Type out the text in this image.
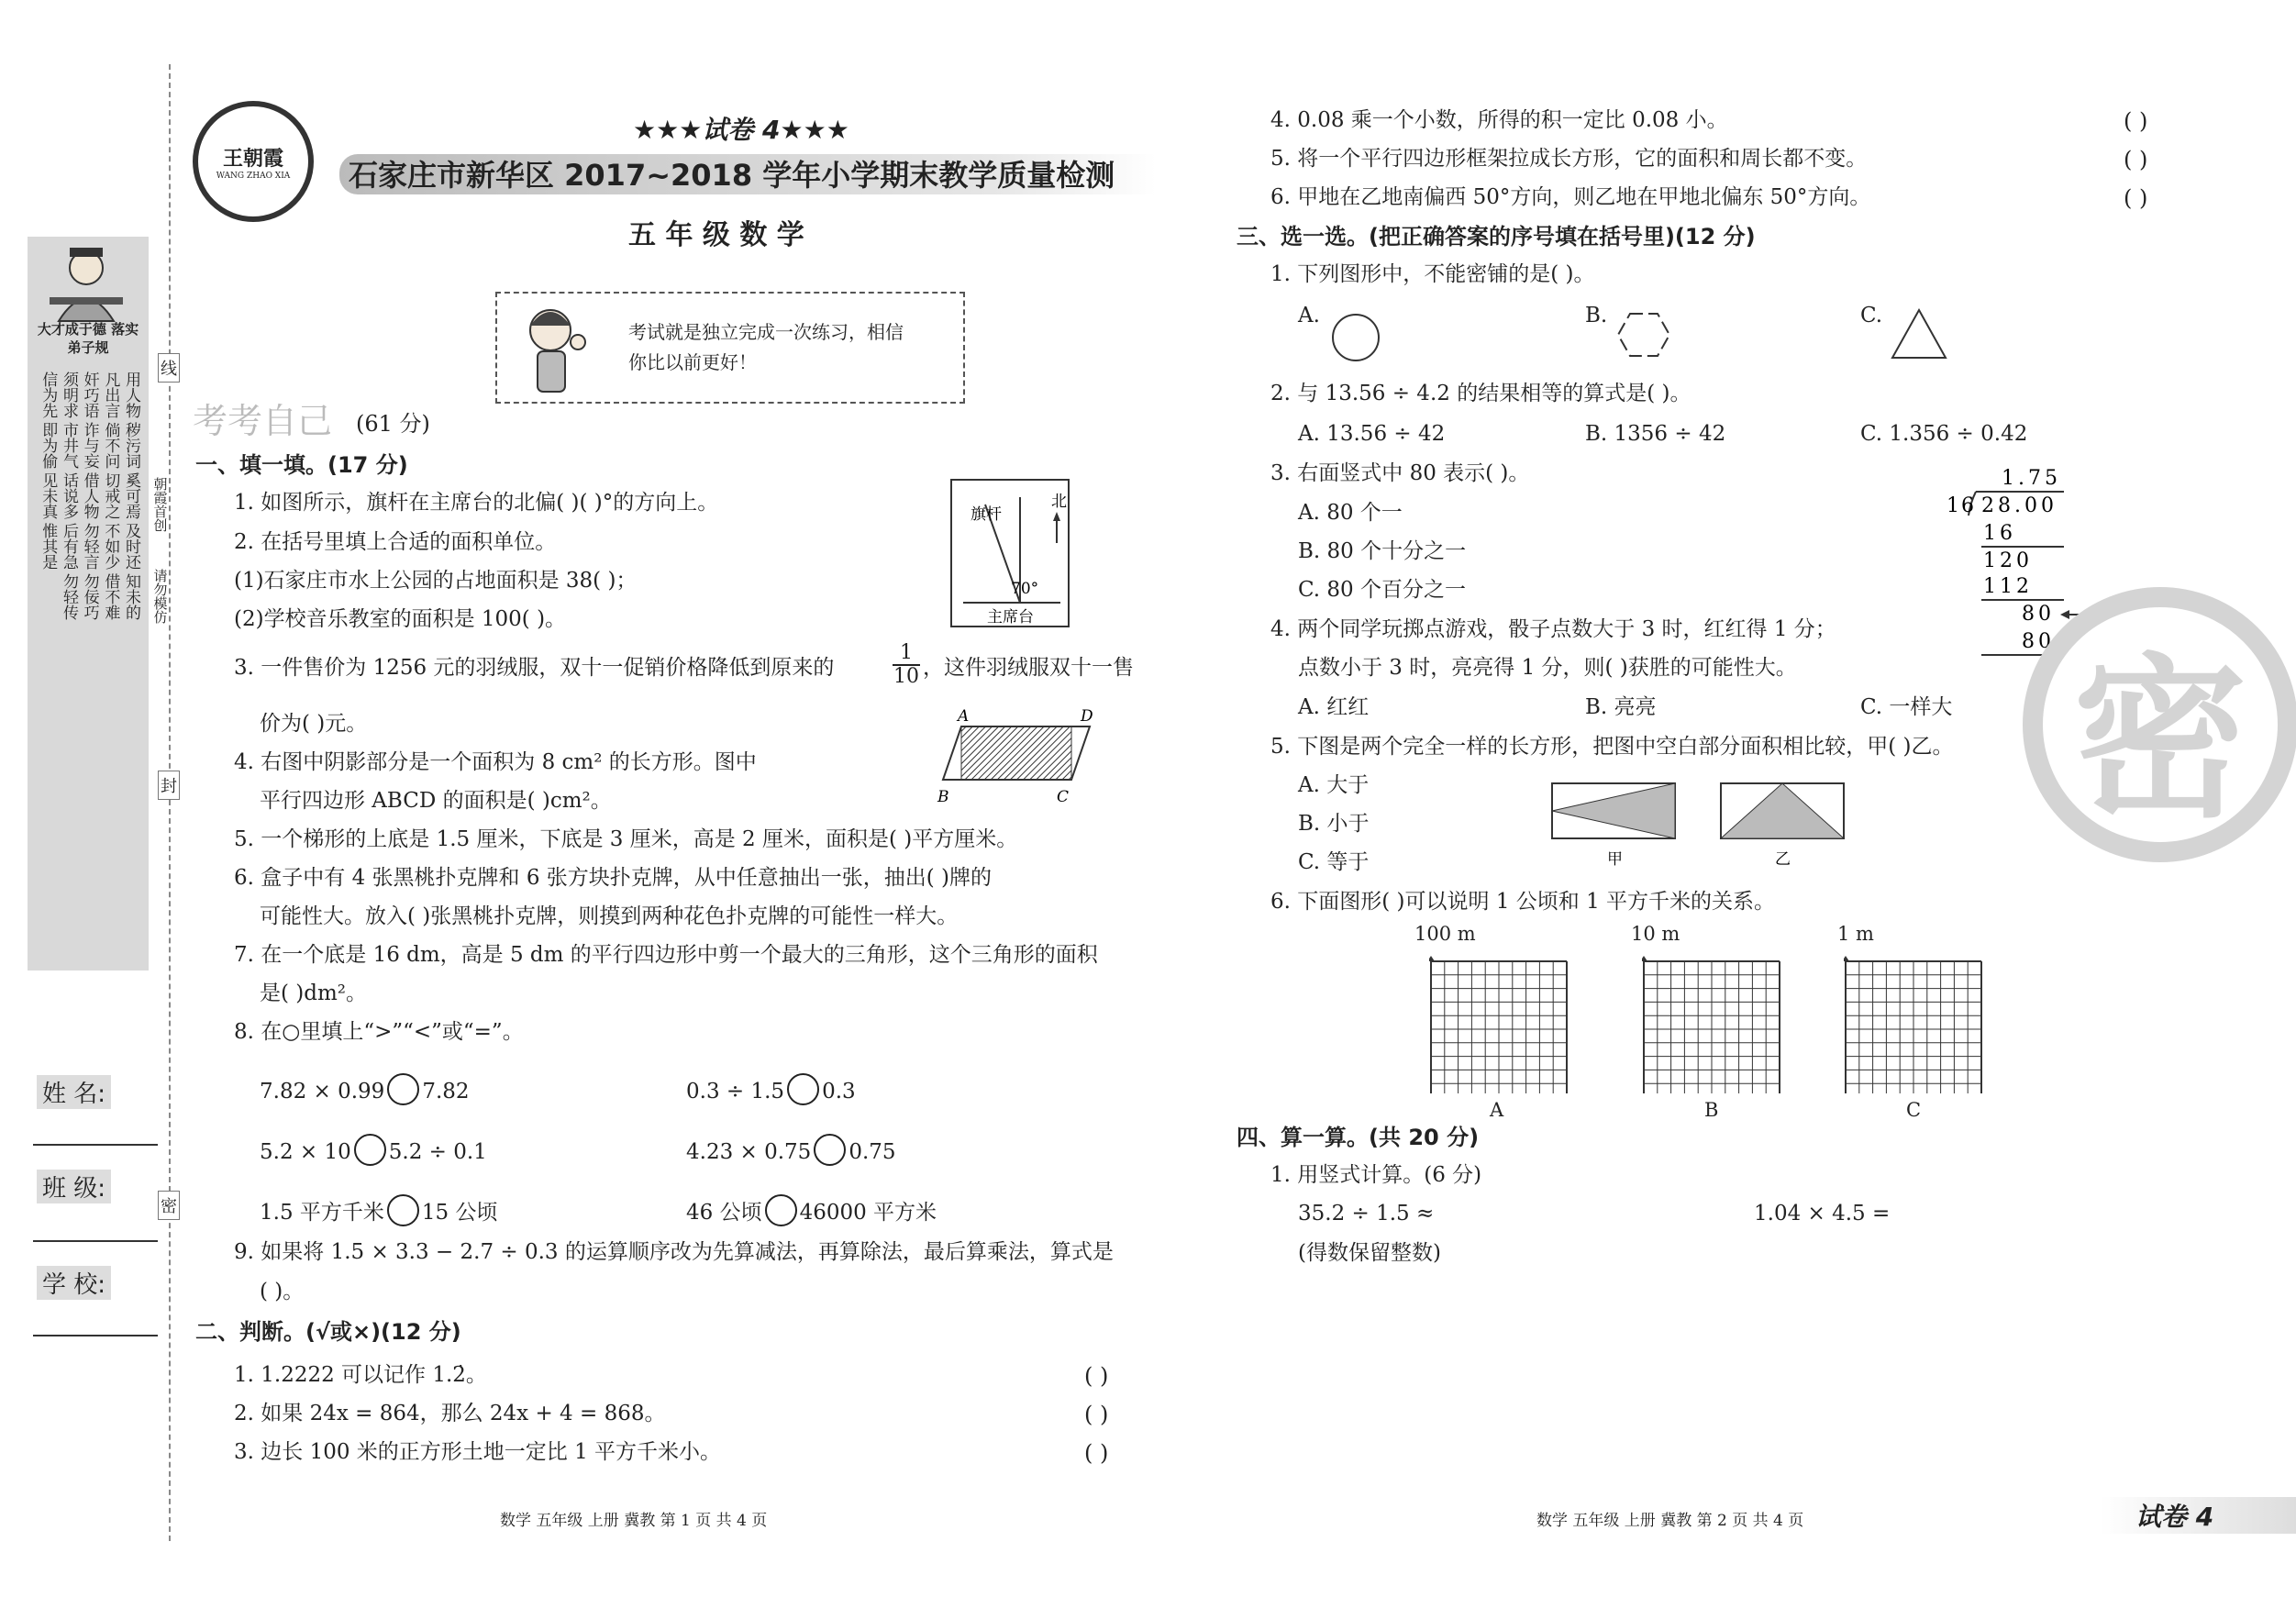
大才成于德 落实弟子规
用人物
凡出言
奸巧语
须明求
信为先
秽污词
倘不问
诈与妄
市井气
即为偷
奚可焉
切戒之
借人物
话说多
见未真
及时还
不如少
勿轻言
后有急
惟其是
知未的
借不难
勿佞巧
勿轻传
线
封
密
朝霞首创
请勿模仿
姓 名:
班 级:
学 校:
王朝霞
WANG ZHAO XIA
★★★试卷 4★★★
石家庄市新华区 2017~2018 学年小学期末教学质量检测
五 年 级 数 学
考试就是独立完成一次练习，相信
你比以前更好！
考考自己 (61 分)
一、填一填。(17 分)
1. 如图所示，旗杆在主席台的北偏( )( )°的方向上。
2. 在括号里填上合适的面积单位。
(1)石家庄市水上公园的占地面积是 38( )；
(2)学校音乐教室的面积是 100( )。
3. 一件售价为 1256 元的羽绒服，双十一促销价格降低到原来的	$\frac{1}{10}$ ，这件羽绒服双十一售
价为( )元。
4. 右图中阴影部分是一个面积为 8 cm² 的长方形。图中
平行四边形 ABCD 的面积是( )cm²。
5. 一个梯形的上底是 1.5 厘米，下底是 3 厘米，高是 2 厘米，面积是( )平方厘米。
6. 盒子中有 4 张黑桃扑克牌和 6 张方块扑克牌，从中任意抽出一张，抽出( )牌的
可能性大。放入( )张黑桃扑克牌，则摸到两种花色扑克牌的可能性一样大。
7. 在一个底是 16 dm，高是 5 dm 的平行四边形中剪一个最大的三角形，这个三角形的面积
是( )dm²。
8. 在○里填上“>”“<”或“=”。
7.82 × 0.99 7.82	0.3 ÷ 1.5 0.3
5.2 × 10 5.2 ÷ 0.1	4.23 × 0.75 0.75
1.5 平方千米 15 公顷	46 公顷 46000 平方米
9. 如果将 1.5 × 3.3 − 2.7 ÷ 0.3 的运算顺序改为先算减法，再算除法，最后算乘法，算式是
( )。
二、判断。(√或×)(12 分)
1. 1.2222 可以记作 1.2̇。
2. 如果 24x = 864，那么 24x + 4 = 868。
3. 边长 100 米的正方形土地一定比 1 平方千米小。
( )
( )
( )
旗杆
北
70°
主席台
A	D
B	C
数学 五年级 上册 冀教 第 1 页 共 4 页
4. 0.08 乘一个小数，所得的积一定比 0.08 小。
5. 将一个平行四边形框架拉成长方形，它的面积和周长都不变。
6. 甲地在乙地南偏西 50°方向，则乙地在甲地北偏东 50°方向。
( )
( )
( )
三、选一选。(把正确答案的序号填在括号里)(12 分)
1. 下列图形中，不能密铺的是( )。
A.	B.	C.
2. 与 13.56 ÷ 4.2 的结果相等的算式是( )。
A. 13.56 ÷ 42	B. 1356 ÷ 42	C. 1.356 ÷ 0.42
3. 右面竖式中 80 表示( )。
A. 80 个一
B. 80 个十分之一
C. 80 个百分之一
1.75
16 28.00
16
120
112
80
80
0
4. 两个同学玩掷点游戏，骰子点数大于 3 时，红红得 1 分；
点数小于 3 时，亮亮得 1 分，则( )获胜的可能性大。
A. 红红	B. 亮亮	C. 一样大
5. 下图是两个完全一样的长方形，把图中空白部分面积相比较，甲( )乙。
A. 大于
B. 小于
C. 等于	甲	乙
6. 下面图形( )可以说明 1 公顷和 1 平方千米的关系。
100 m	10 m	1 m
A	B	C
四、算一算。(共 20 分)
1. 用竖式计算。(6 分)
35.2 ÷ 1.5 ≈	1.04 × 4.5 =
(得数保留整数)
密
数学 五年级 上册 冀教 第 2 页 共 4 页	试卷 4
